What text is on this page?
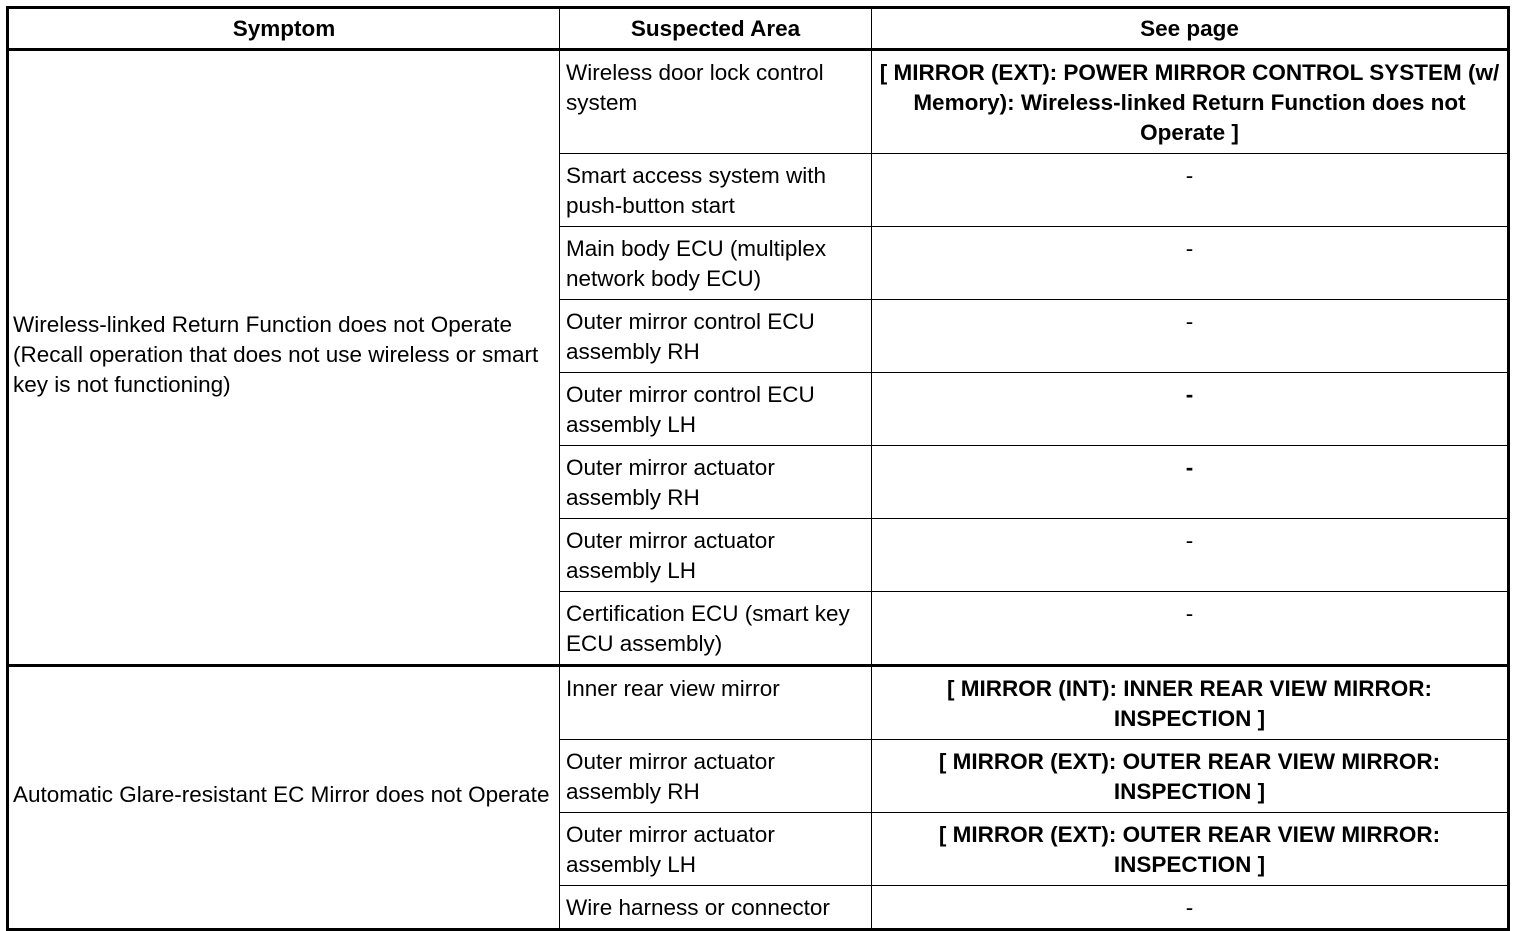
Symptom	Suspected Area	See page
Wireless-linked Return Function does not Operate (Recall operation that does not use wireless or smart key is not functioning)	Wireless door lock control system	[ MIRROR (EXT): POWER MIRROR CONTROL SYSTEM (w/ Memory): Wireless-linked Return Function does not Operate ]
	Smart access system with push-button start	-
	Main body ECU (multiplex network body ECU)	-
	Outer mirror control ECU assembly RH	-
	Outer mirror control ECU assembly LH	-
	Outer mirror actuator assembly RH	-
	Outer mirror actuator assembly LH	-
	Certification ECU (smart key ECU assembly)	-
Automatic Glare-resistant EC Mirror does not Operate	Inner rear view mirror	[ MIRROR (INT): INNER REAR VIEW MIRROR: INSPECTION ]
	Outer mirror actuator assembly RH	[ MIRROR (EXT): OUTER REAR VIEW MIRROR: INSPECTION ]
	Outer mirror actuator assembly LH	[ MIRROR (EXT): OUTER REAR VIEW MIRROR: INSPECTION ]
	Wire harness or connector	-
